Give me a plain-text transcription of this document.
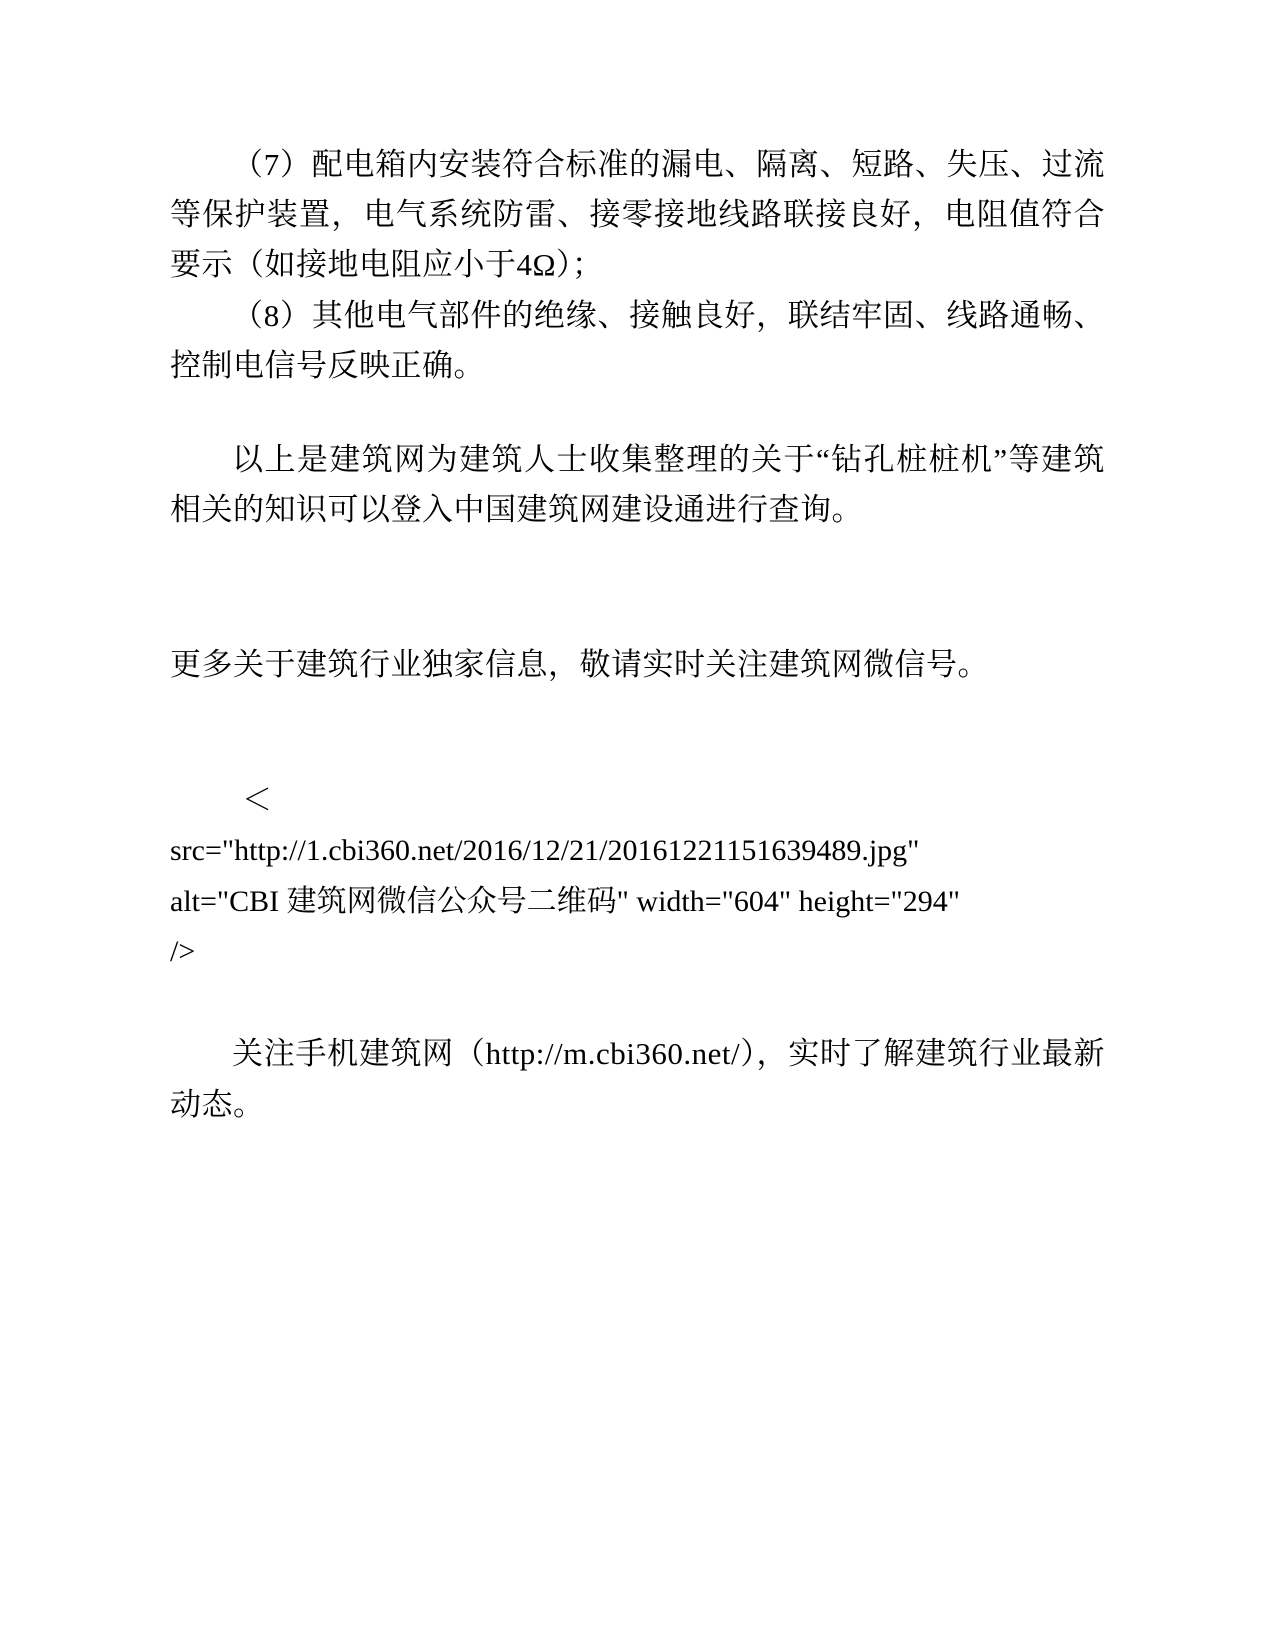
（7）配电箱内安装符合标准的漏电、隔离、短路、失压、过流等保护装置，电气系统防雷、接零接地线路联接良好，电阻值符合要示（如接地电阻应小于4Ω）；

（8）其他电气部件的绝缘、接触良好，联结牢固、线路通畅、控制电信号反映正确。

以上是建筑网为建筑人士收集整理的关于“钻孔桩桩机”等建筑相关的知识可以登入中国建筑网建设通进行查询。

更多关于建筑行业独家信息，敬请实时关注建筑网微信号。

＜

src="http://1.cbi360.net/2016/12/21/20161221151639489.jpg"

alt="CBI 建筑网微信公众号二维码" width="604" height="294"

/>

关注手机建筑网（http://m.cbi360.net/），实时了解建筑行业最新动态。
